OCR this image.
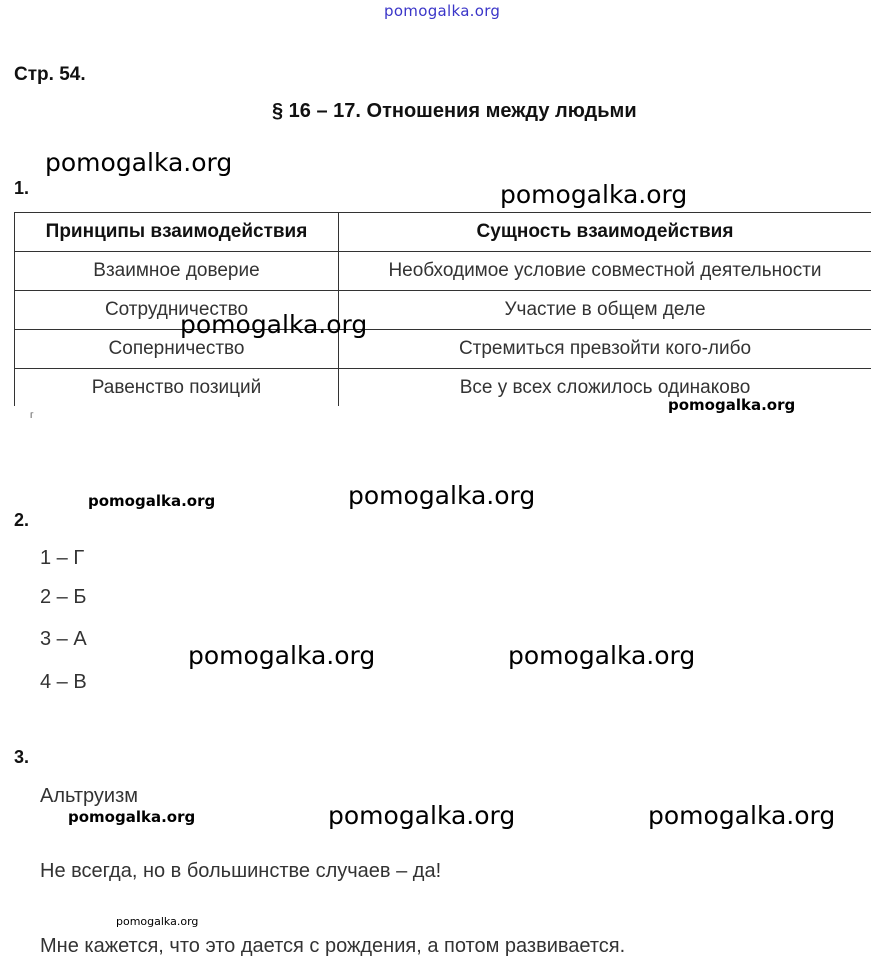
pomogalka.org
Стр. 54.
§ 16 – 17. Отношения между людьми
1.
Принципы взаимодействия	Сущность взаимодействия
Взаимное доверие	Необходимое условие совместной деятельности
Сотрудничество	Участие в общем деле
Соперничество	Стремиться превзойти кого-либо
Равенство позиций	Все у всех сложилось одинаково
г
2.
1 – Г
2 – Б
3 – А
4 – В
3.
Альтруизм
Не всегда, но в большинстве случаев – да!
Мне кажется, что это дается с рождения, а потом развивается.
pomogalka.org
pomogalka.org
pomogalka.org
pomogalka.org
pomogalka.org	pomogalka.org
pomogalka.org	pomogalka.org
pomogalka.org	pomogalka.org	pomogalka.org
pomogalka.org
